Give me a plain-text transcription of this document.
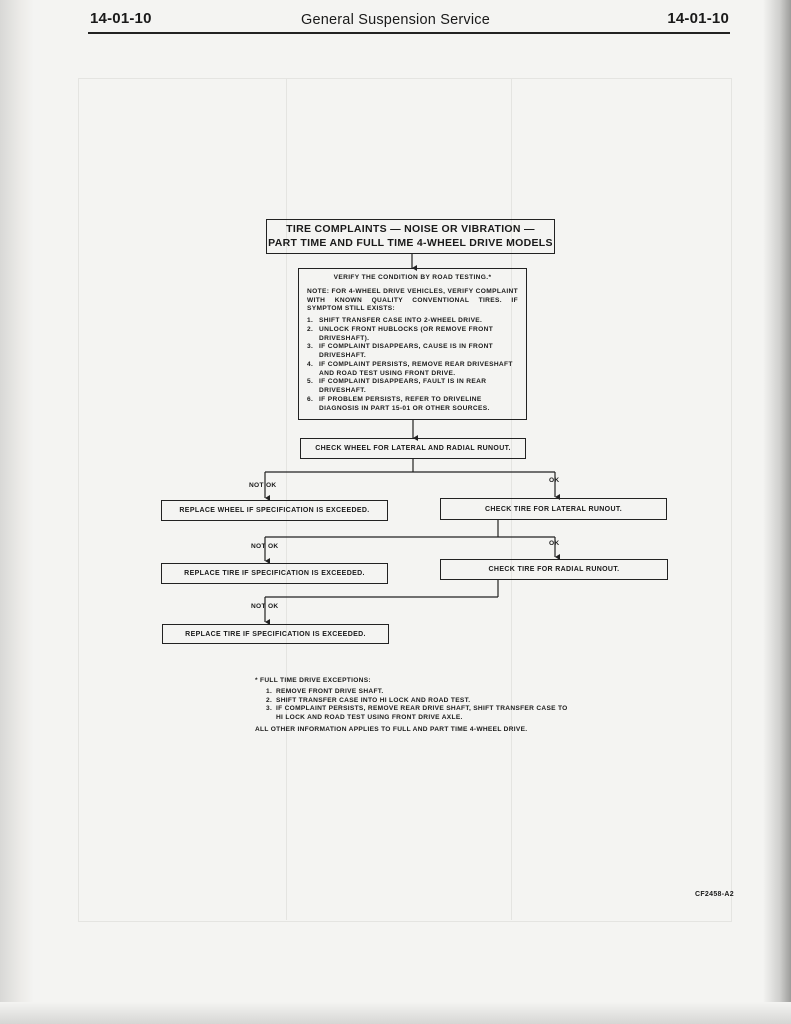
14-01-10	General Suspension Service	14-01-10
TIRE COMPLAINTS — NOISE OR VIBRATION —
PART TIME AND FULL TIME 4-WHEEL DRIVE MODELS
VERIFY THE CONDITION BY ROAD TESTING.*
NOTE: FOR 4-WHEEL DRIVE VEHICLES, VERIFY COMPLAINT WITH KNOWN QUALITY CONVENTIONAL TIRES. IF SYMPTOM STILL EXISTS:
1. SHIFT TRANSFER CASE INTO 2-WHEEL DRIVE.
2. UNLOCK FRONT HUBLOCKS (OR REMOVE FRONT DRIVESHAFT).
3. IF COMPLAINT DISAPPEARS, CAUSE IS IN FRONT DRIVESHAFT.
4. IF COMPLAINT PERSISTS, REMOVE REAR DRIVESHAFT AND ROAD TEST USING FRONT DRIVE.
5. IF COMPLAINT DISAPPEARS, FAULT IS IN REAR DRIVESHAFT.
6. IF PROBLEM PERSISTS, REFER TO DRIVELINE DIAGNOSIS IN PART 15-01 OR OTHER SOURCES.
CHECK WHEEL FOR LATERAL AND RADIAL RUNOUT.
NOT OK
OK
REPLACE WHEEL IF SPECIFICATION IS EXCEEDED.	CHECK TIRE FOR LATERAL RUNOUT.
NOT OK	OK
REPLACE TIRE IF SPECIFICATION IS EXCEEDED.
CHECK TIRE FOR RADIAL RUNOUT.
NOT OK
REPLACE TIRE IF SPECIFICATION IS EXCEEDED.
* FULL TIME DRIVE EXCEPTIONS:
1. REMOVE FRONT DRIVE SHAFT.
2. SHIFT TRANSFER CASE INTO HI LOCK AND ROAD TEST.
3. IF COMPLAINT PERSISTS, REMOVE REAR DRIVE SHAFT, SHIFT TRANSFER CASE TO HI LOCK AND ROAD TEST USING FRONT DRIVE AXLE.
ALL OTHER INFORMATION APPLIES TO FULL AND PART TIME 4-WHEEL DRIVE.
CF2458-A2
